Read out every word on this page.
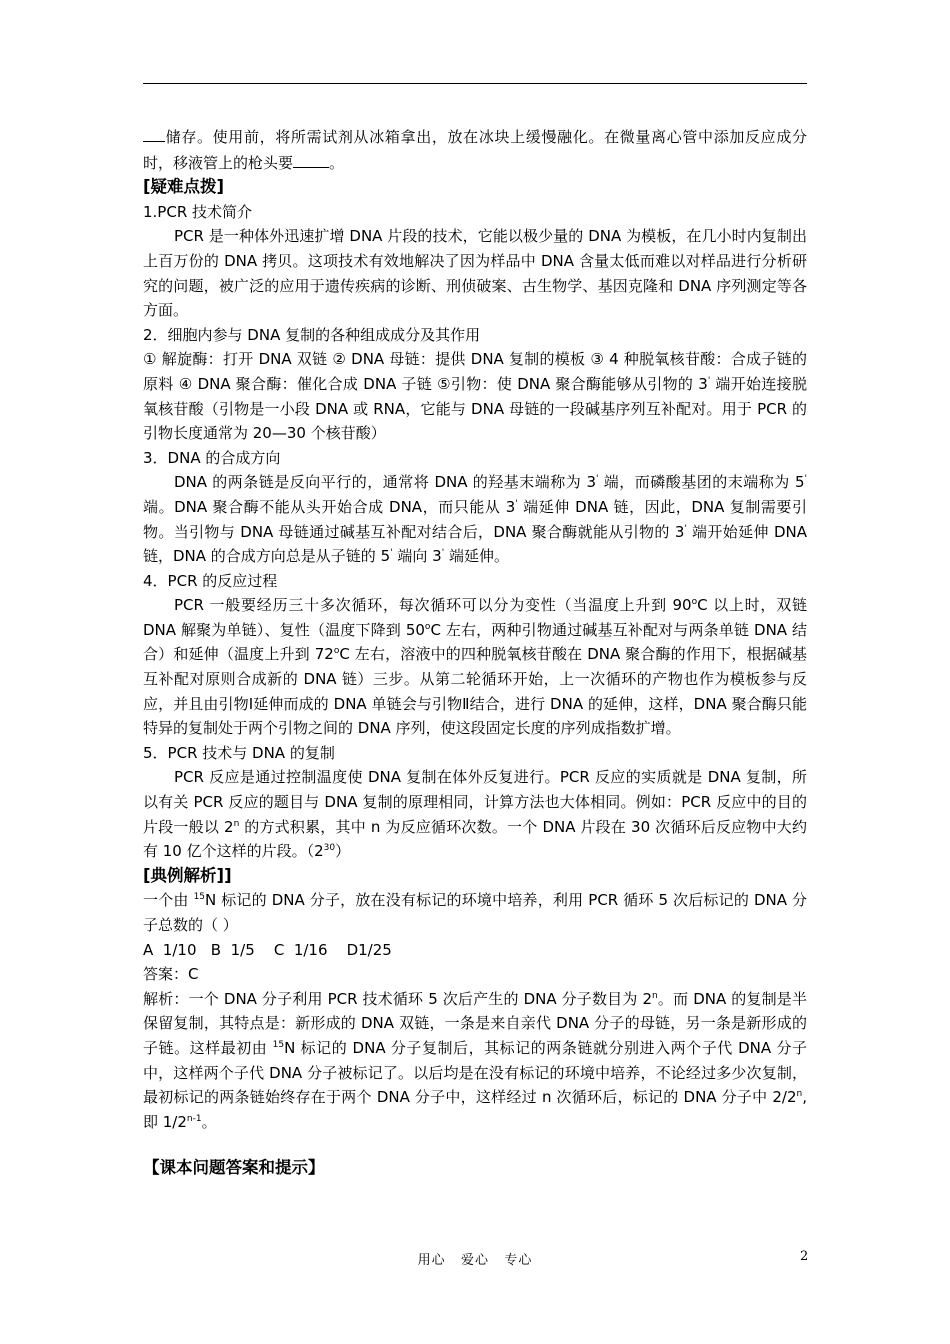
储存。使用前，将所需试剂从冰箱拿出，放在冰块上缓慢融化。在微量离心管中添加反应成分时，移液管上的枪头要 。

[疑难点拨]

1.PCR 技术简介

PCR 是一种体外迅速扩增 DNA 片段的技术，它能以极少量的 DNA 为模板，在几小时内复制出上百万份的 DNA 拷贝。这项技术有效地解决了因为样品中 DNA 含量太低而难以对样品进行分析研究的问题，被广泛的应用于遗传疾病的诊断、刑侦破案、古生物学、基因克隆和 DNA 序列测定等各方面。

2．细胞内参与 DNA 复制的各种组成成分及其作用

① 解旋酶：打开 DNA 双链 ② DNA 母链：提供 DNA 复制的模板 ③ 4 种脱氧核苷酸：合成子链的原料 ④ DNA 聚合酶：催化合成 DNA 子链 ⑤引物：使 DNA 聚合酶能够从引物的 3' 端开始连接脱氧核苷酸（引物是一小段 DNA 或 RNA，它能与 DNA 母链的一段碱基序列互补配对。用于 PCR 的引物长度通常为 20—30 个核苷酸）

3．DNA 的合成方向

DNA 的两条链是反向平行的，通常将 DNA 的羟基末端称为 3' 端，而磷酸基团的末端称为 5' 端。DNA 聚合酶不能从头开始合成 DNA，而只能从 3' 端延伸 DNA 链，因此，DNA 复制需要引物。当引物与 DNA 母链通过碱基互补配对结合后，DNA 聚合酶就能从引物的 3' 端开始延伸 DNA 链，DNA 的合成方向总是从子链的 5' 端向 3' 端延伸。

4．PCR 的反应过程

PCR 一般要经历三十多次循环，每次循环可以分为变性（当温度上升到 90$^o$C 以上时，双链 DNA 解聚为单链）、复性（温度下降到 50$^o$C 左右，两种引物通过碱基互补配对与两条单链 DNA 结合）和延伸（温度上升到 72$^o$C 左右，溶液中的四种脱氧核苷酸在 DNA 聚合酶的作用下，根据碱基互补配对原则合成新的 DNA 链）三步。从第二轮循环开始，上一次循环的产物也作为模板参与反应，并且由引物Ⅰ延伸而成的 DNA 单链会与引物Ⅱ结合，进行 DNA 的延伸，这样，DNA 聚合酶只能特异的复制处于两个引物之间的 DNA 序列，使这段固定长度的序列成指数扩增。

5．PCR 技术与 DNA 的复制

PCR 反应是通过控制温度使 DNA 复制在体外反复进行。PCR 反应的实质就是 DNA 复制，所以有关 PCR 反应的题目与 DNA 复制的原理相同，计算方法也大体相同。例如：PCR 反应中的目的片段一般以 2$^n$ 的方式积累，其中 n 为反应循环次数。一个 DNA 片段在 30 次循环后反应物中大约有 10 亿个这样的片段。$(2^{30})$

[典例解析]]

一个由 $^{15}$N 标记的 DNA 分子，放在没有标记的环境中培养，利用 PCR 循环 5 次后标记的 DNA 分子总数的（ ）

A  1/10   B  1/5    C  1/16    D1/25

答案：C

解析：一个 DNA 分子利用 PCR 技术循环 5 次后产生的 DNA 分子数目为 2$^n$。而 DNA 的复制是半保留复制，其特点是：新形成的 DNA 双链，一条是来自亲代 DNA 分子的母链，另一条是新形成的子链。这样最初由 $^{15}$N 标记的 DNA 分子复制后，其标记的两条链就分别进入两个子代 DNA 分子中，这样两个子代 DNA 分子被标记了。以后均是在没有标记的环境中培养，不论经过多少次复制，最初标记的两条链始终存在于两个 DNA 分子中，这样经过 n 次循环后，标记的 DNA 分子中 2/2$^n$,即 1/2$^{n-1}$。

【课本问题答案和提示】

用心   爱心   专心	2
